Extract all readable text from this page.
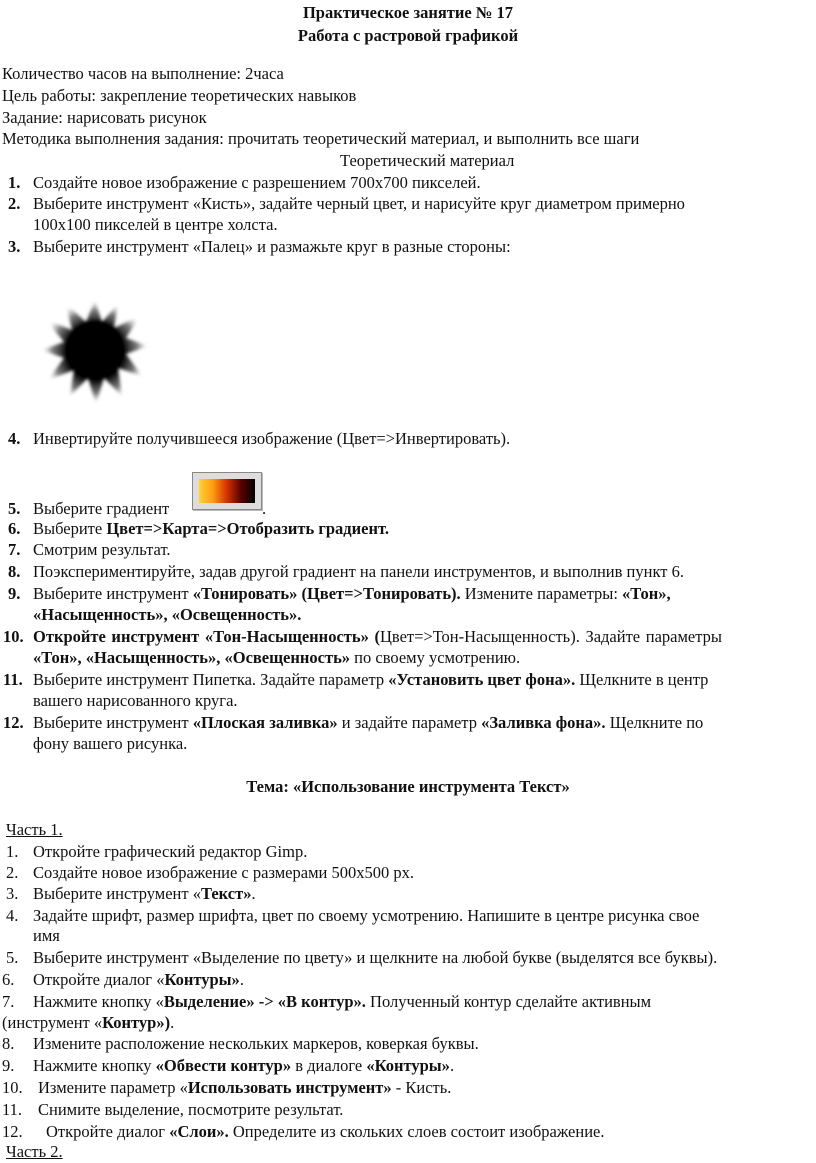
Практическое занятие № 17
Работа с растровой графикой
Количество часов на выполнение: 2часа
Цель работы: закрепление теоретических навыков
Задание: нарисовать рисунок
Методика выполнения задания: прочитать теоретический материал, и выполнить все шаги
Теоретический материал
1. Создайте новое изображение с разрешением 700х700 пикселей.
2. Выберите инструмент «Кисть», задайте черный цвет, и нарисуйте круг диаметром примерно
100х100 пикселей в центре холста.
3. Выберите инструмент «Палец» и размажьте круг в разные стороны:
4. Инвертируйте получившееся изображение (Цвет=>Инвертировать).
5. Выберите градиент	.
6. Выберите Цвет=>Карта=>Отобразить градиент.
7. Смотрим результат.
8. Поэкспериментируйте, задав другой градиент на панели инструментов, и выполнив пункт 6.
9. Выберите инструмент «Тонировать» (Цвет=>Тонировать). Измените параметры: «Тон»,
«Насыщенность», «Освещенность».
10. Откройте инструмент «Тон-Насыщенность» (Цвет=>Тон-Насыщенность). Задайте параметры
«Тон», «Насыщенность», «Освещенность» по своему усмотрению.
11. Выберите инструмент Пипетка. Задайте параметр «Установить цвет фона». Щелкните в центр
вашего нарисованного круга.
12. Выберите инструмент «Плоская заливка» и задайте параметр «Заливка фона». Щелкните по
фону вашего рисунка.
Тема: «Использование инструмента Текст»
Часть 1.
1. Откройте графический редактор Gimp.
2. Создайте новое изображение с размерами 500х500 px.
3. Выберите инструмент «Текст».
4. Задайте шрифт, размер шрифта, цвет по своему усмотрению. Напишите в центре рисунка свое
имя
5. Выберите инструмент «Выделение по цвету» и щелкните на любой букве (выделятся все буквы).
6. Откройте диалог «Контуры».
7. Нажмите кнопку «Выделение» -> «В контур». Полученный контур сделайте активным
(инструмент «Контур»).
8. Измените расположение нескольких маркеров, коверкая буквы.
9. Нажмите кнопку «Обвести контур» в диалоге «Контуры».
10. Измените параметр «Использовать инструмент» - Кисть.
11. Снимите выделение, посмотрите результат.
12. Откройте диалог «Слои». Определите из скольких слоев состоит изображение.
Часть 2.
